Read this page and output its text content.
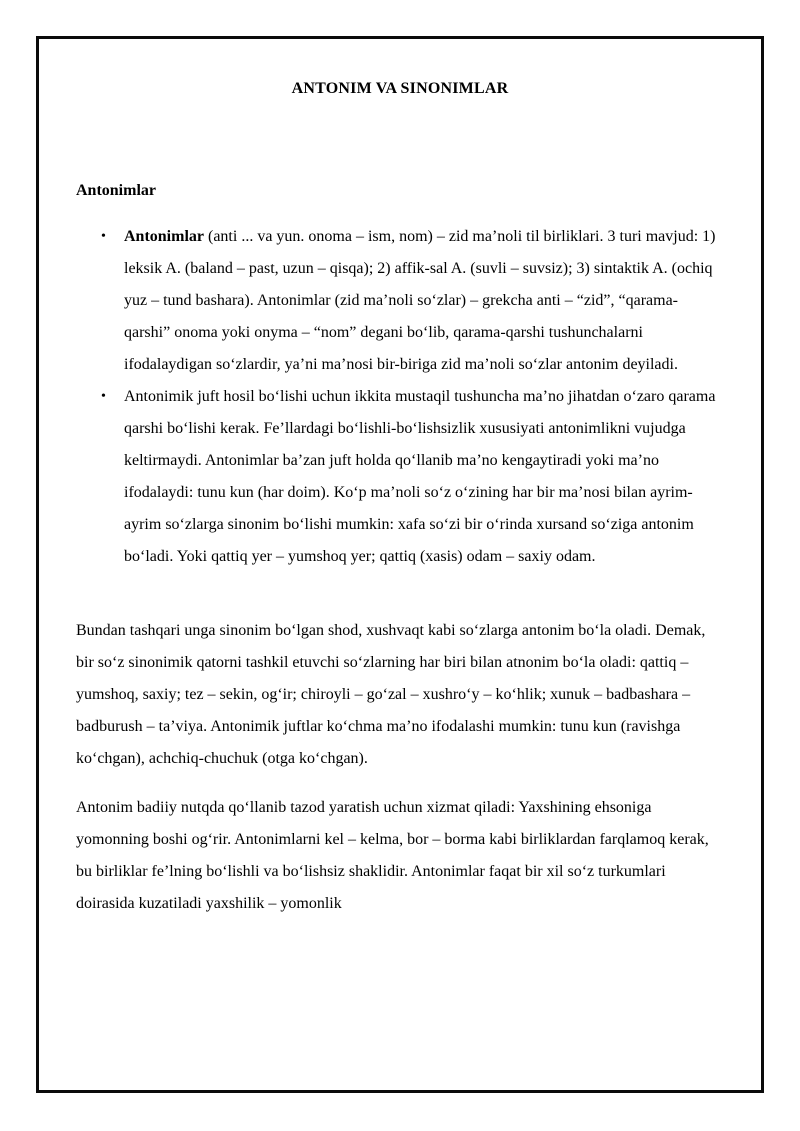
ANTONIM VA SINONIMLAR
Antonimlar
• Antonimlar (anti ... va yun. onoma – ism, nom) – zid ma’noli til birliklari. 3 turi mavjud: 1) leksik A. (baland – past, uzun – qisqa); 2) affik-sal A. (suvli – suvsiz); 3) sintaktik A. (ochiq yuz – tund bashara). Antonimlar (zid ma’noli so‘zlar) – grekcha anti – “zid”, “qarama-qarshi” onoma yoki onyma – “nom” degani bo‘lib, qarama-qarshi tushunchalarni ifodalaydigan so‘zlardir, ya’ni ma’nosi bir-biriga zid ma’noli so‘zlar antonim deyiladi.
• Antonimik juft hosil bo‘lishi uchun ikkita mustaqil tushuncha ma’no jihatdan o‘zaro qarama qarshi bo‘lishi kerak. Fe’llardagi bo‘lishli-bo‘lishsizlik xususiyati antonimlikni vujudga keltirmaydi. Antonimlar ba’zan juft holda qo‘llanib ma’no kengaytiradi yoki ma’no ifodalaydi: tunu kun (har doim). Ko‘p ma’noli so‘z o‘zining har bir ma’nosi bilan ayrim-ayrim so‘zlarga sinonim bo‘lishi mumkin: xafa so‘zi bir o‘rinda xursand so‘ziga antonim bo‘ladi. Yoki qattiq yer – yumshoq yer; qattiq (xasis) odam – saxiy odam.

Bundan tashqari unga sinonim bo‘lgan shod, xushvaqt kabi so‘zlarga antonim bo‘la oladi. Demak, bir so‘z sinonimik qatorni tashkil etuvchi so‘zlarning har biri bilan atnonim bo‘la oladi: qattiq – yumshoq, saxiy; tez – sekin, og‘ir; chiroyli – go‘zal – xushro‘y – ko‘hlik; xunuk – badbashara – badburush – ta’viya. Antonimik juftlar ko‘chma ma’no ifodalashi mumkin: tunu kun (ravishga ko‘chgan), achchiq-chuchuk (otga ko‘chgan).

Antonim badiiy nutqda qo‘llanib tazod yaratish uchun xizmat qiladi: Yaxshining ehsoniga yomonning boshi og‘rir. Antonimlarni kel – kelma, bor – borma kabi birliklardan farqlamoq kerak, bu birliklar fe’lning bo‘lishli va bo‘lishsiz shaklidir. Antonimlar faqat bir xil so‘z turkumlari doirasida kuzatiladi yaxshilik – yomonlik
